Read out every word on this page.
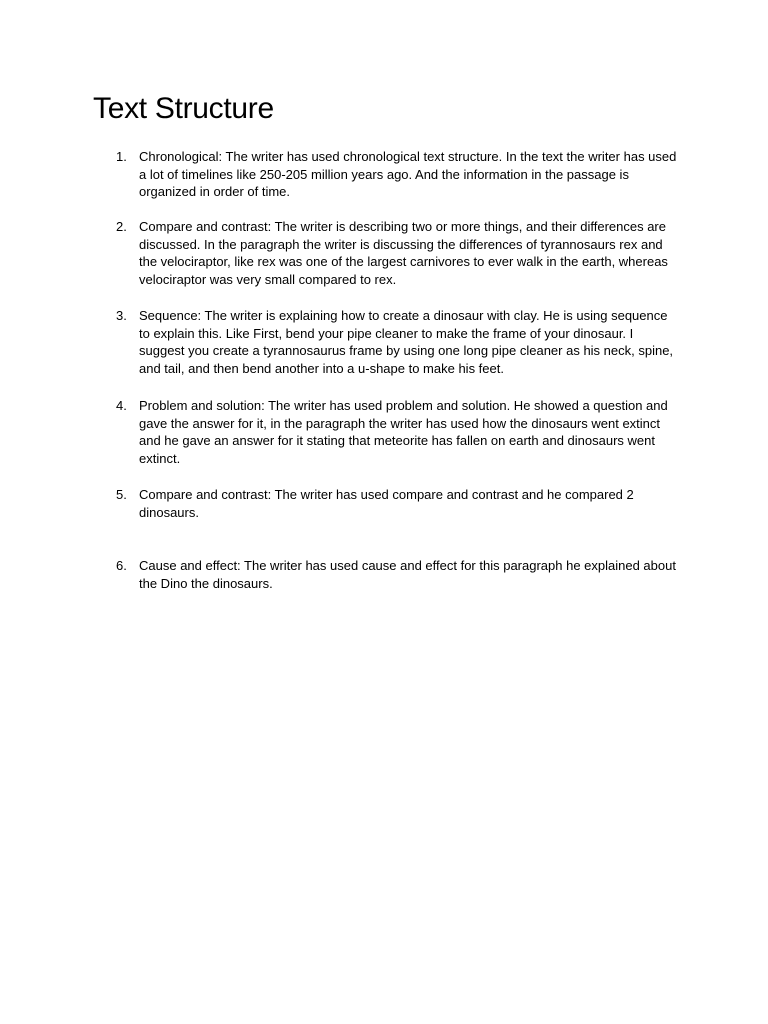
Text Structure
1. Chronological: The writer has used chronological text structure. In the text the writer has used a lot of timelines like 250-205 million years ago. And the information in the passage is organized in order of time.
2. Compare and contrast: The writer is describing two or more things, and their differences are discussed. In the paragraph the writer is discussing the differences of tyrannosaurs rex and the velociraptor, like rex was one of the largest carnivores to ever walk in the earth, whereas velociraptor was very small compared to rex.
3. Sequence: The writer is explaining how to create a dinosaur with clay. He is using sequence to explain this. Like First, bend your pipe cleaner to make the frame of your dinosaur. I suggest you create a tyrannosaurus frame by using one long pipe cleaner as his neck, spine, and tail, and then bend another into a u-shape to make his feet.
4. Problem and solution: The writer has used problem and solution. He showed a question and gave the answer for it, in the paragraph the writer has used how the dinosaurs went extinct and he gave an answer for it stating that meteorite has fallen on earth and dinosaurs went extinct.
5. Compare and contrast: The writer has used compare and contrast and he compared 2 dinosaurs.
6. Cause and effect: The writer has used cause and effect for this paragraph he explained about the Dino the dinosaurs.
